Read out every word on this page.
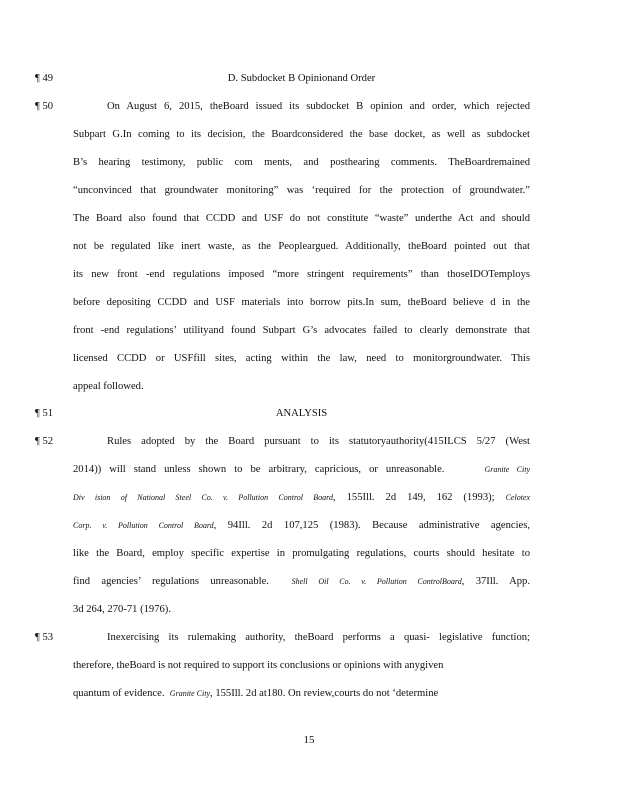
¶ 49	D. Subdocket B Opinionand Order
¶ 50	On August 6, 2015, theBoard issued its subdocket B opinion and order, which rejected
Subpart G.In coming to its decision, the Boardconsidered the base docket, as well as subdocket
B’s hearing testimony, public com ments, and posthearing comments. TheBoardremained
“unconvinced that groundwater monitoring” was ‘required for the protection of groundwater.”
The Board also found that CCDD and USF do not constitute “waste” underthe Act and should
not be regulated like inert waste, as the Peopleargued. Additionally, theBoard pointed out that
its new front -end regulations imposed “more stringent requirements” than thoseIDOTemploys
before depositing CCDD and USF materials into borrow pits.In sum, theBoard believe d in the
front -end regulations’ utilityand found Subpart G’s advocates failed to clearly demonstrate that
licensed CCDD or USFfill sites, acting within the law, need to monitorgroundwater. This
appeal followed.
¶ 51	ANALYSIS
¶ 52	Rules adopted by the Board pursuant to its statutoryauthority(415ILCS 5/27 (West
2014)) will stand unless shown to be arbitrary, capricious, or unreasonable.	Granite City
Div ision of National Steel Co. v. Pollution Control Board, 155Ill. 2d 149, 162 (1993); Celotex
Corp. v. Pollution Control Board, 94Ill. 2d 107,125 (1983). Because administrative agencies,
like the Board, employ specific expertise in promulgating regulations, courts should hesitate to
find agencies’ regulations unreasonable.	Shell Oil Co. v. Pollution ControlBoard, 37Ill. App.
3d 264, 270-71 (1976).
¶ 53	Inexercising its rulemaking authority, theBoard performs a quasi- legislative function;
therefore, theBoard is not required to support its conclusions or opinions with anygiven
quantum of evidence. Granite City, 155Ill. 2d at180. On review,courts do not ‘determine
15
